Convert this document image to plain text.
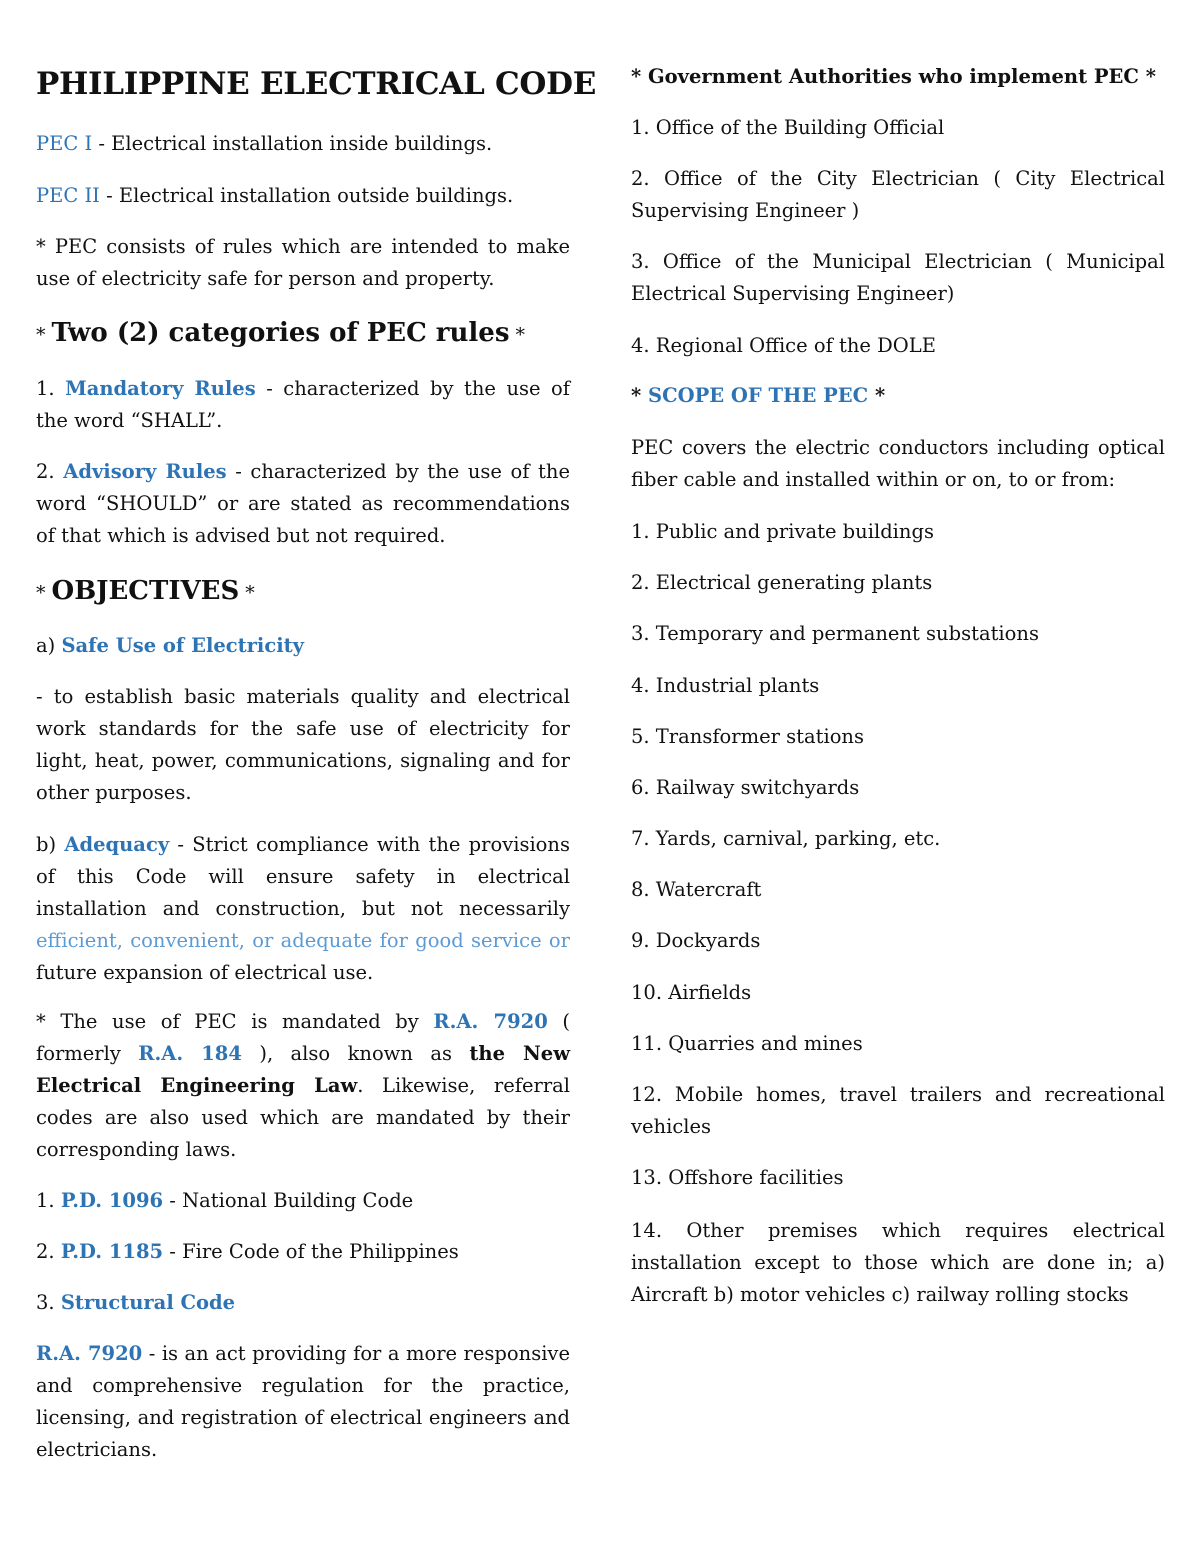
PHILIPPINE ELECTRICAL CODE

PEC I - Electrical installation inside buildings.

PEC II - Electrical installation outside buildings.

* PEC consists of rules which are intended to make use of electricity safe for person and property.

* Two (2) categories of PEC rules *

1. Mandatory Rules - characterized by the use of the word “SHALL”.

2. Advisory Rules - characterized by the use of the word “SHOULD” or are stated as recommendations of that which is advised but not required.

* OBJECTIVES *

a) Safe Use of Electricity

- to establish basic materials quality and electrical work standards for the safe use of electricity for light, heat, power, communications, signaling and for other purposes.

b) Adequacy - Strict compliance with the provisions of this Code will ensure safety in electrical installation and construction, but not necessarily efficient, convenient, or adequate for good service or future expansion of electrical use.

* The use of PEC is mandated by R.A. 7920 ( formerly R.A. 184 ), also known as the New Electrical Engineering Law. Likewise, referral codes are also used which are mandated by their corresponding laws.

1. P.D. 1096 - National Building Code

2. P.D. 1185 - Fire Code of the Philippines

3. Structural Code

R.A. 7920 - is an act providing for a more responsive and comprehensive regulation for the practice, licensing, and registration of electrical engineers and electricians.

* Government Authorities who implement PEC *

1. Office of the Building Official

2. Office of the City Electrician ( City Electrical Supervising Engineer )

3. Office of the Municipal Electrician ( Municipal Electrical Supervising Engineer)

4. Regional Office of the DOLE

* SCOPE OF THE PEC *

PEC covers the electric conductors including optical fiber cable and installed within or on, to or from:

1. Public and private buildings

2. Electrical generating plants

3. Temporary and permanent substations

4. Industrial plants

5. Transformer stations

6. Railway switchyards

7. Yards, carnival, parking, etc.

8. Watercraft

9. Dockyards

10. Airfields

11. Quarries and mines

12. Mobile homes, travel trailers and recreational vehicles

13. Offshore facilities

14. Other premises which requires electrical installation except to those which are done in; a) Aircraft b) motor vehicles c) railway rolling stocks
